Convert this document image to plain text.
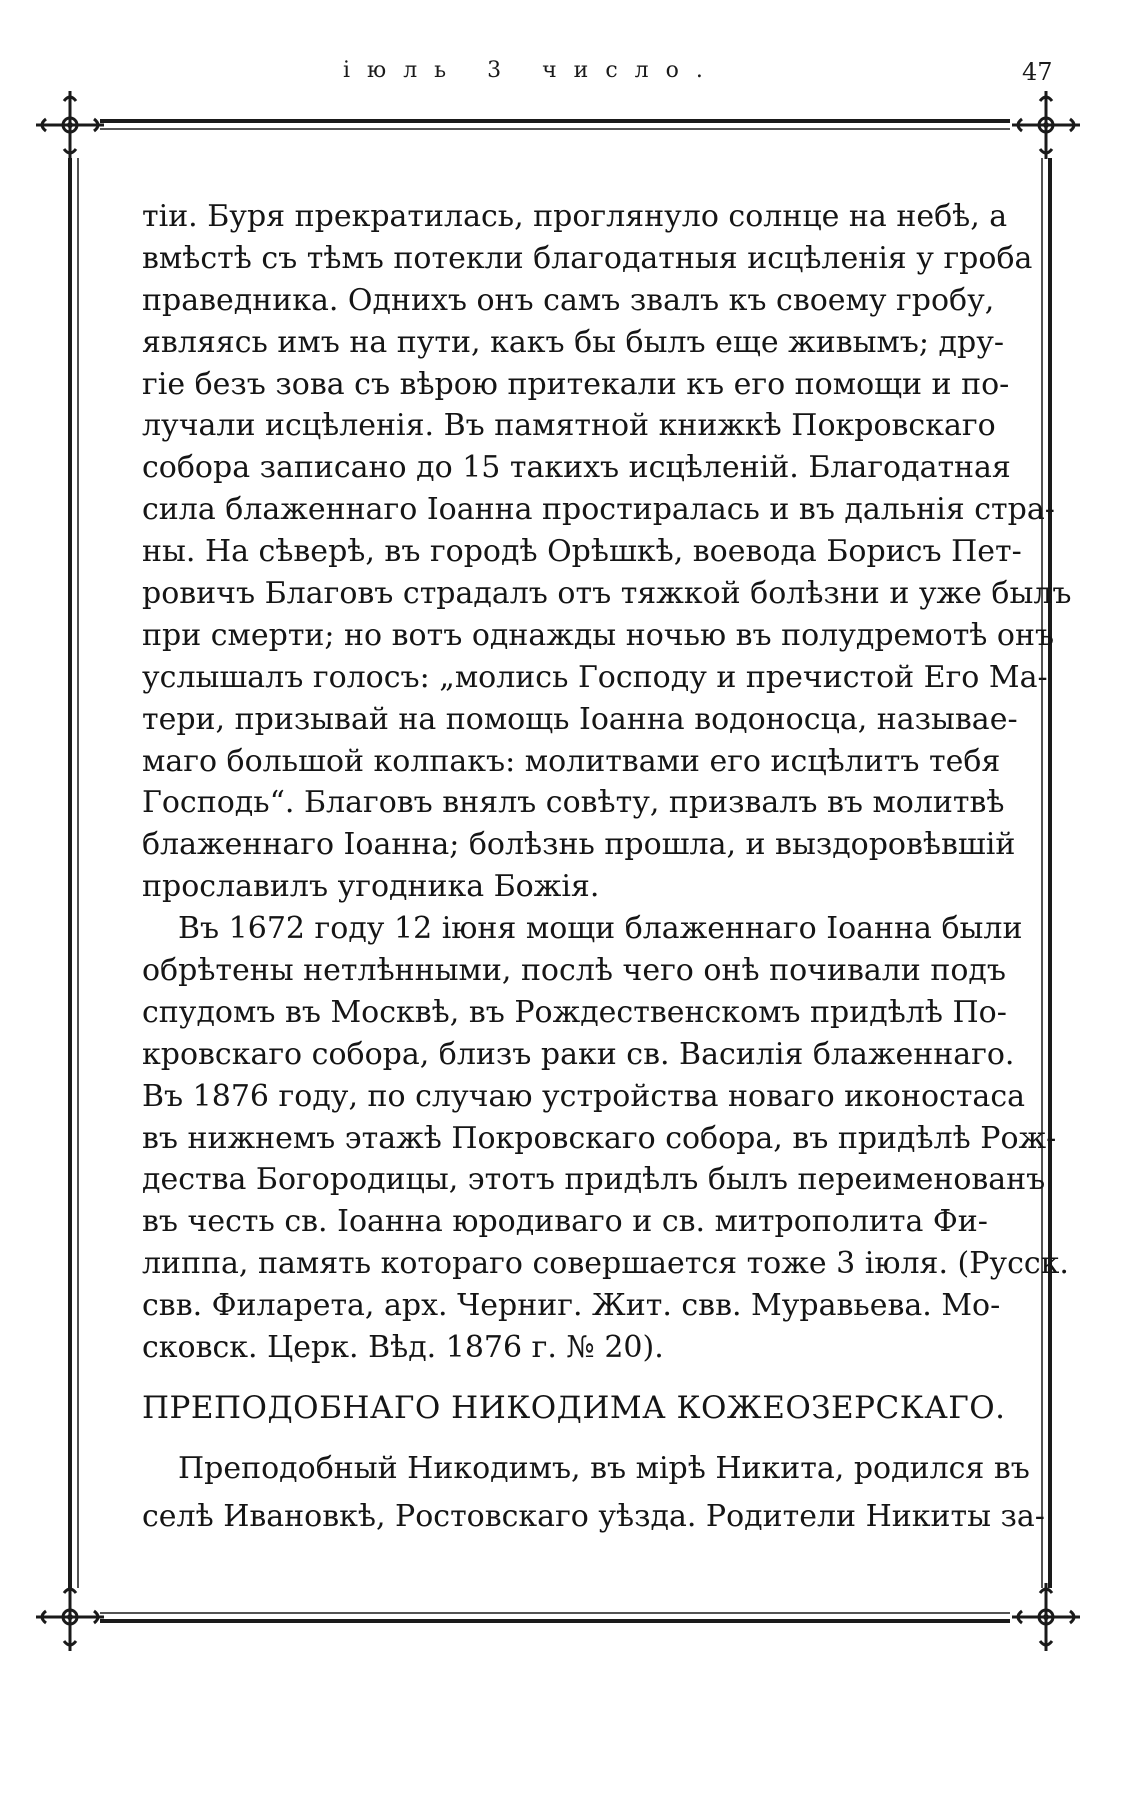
іюль 3 число.	47
тіи. Буря прекратилась, проглянуло солнце на небѣ, а
вмѣстѣ съ тѣмъ потекли благодатныя исцѣленія у гроба
праведника. Однихъ онъ самъ звалъ къ своему гробу,
являясь имъ на пути, какъ бы былъ еще живымъ; дру-
гіе безъ зова съ вѣрою притекали къ его помощи и по-
лучали исцѣленія. Въ памятной книжкѣ Покровскаго
собора записано до 15 такихъ исцѣленій. Благодатная
сила блаженнаго Іоанна простиралась и въ дальнія стра-
ны. На сѣверѣ, въ городѣ Орѣшкѣ, воевода Борисъ Пет-
ровичъ Благовъ страдалъ отъ тяжкой болѣзни и уже былъ
при смерти; но вотъ однажды ночью въ полудремотѣ онъ
услышалъ голосъ: „молись Господу и пречистой Его Ма-
тери, призывай на помощь Іоанна водоносца, называе-
маго большой колпакъ: молитвами его исцѣлитъ тебя
Господь“. Благовъ внялъ совѣту, призвалъ въ молитвѣ
блаженнаго Іоанна; болѣзнь прошла, и выздоровѣвшій
прославилъ угодника Божія.
Въ 1672 году 12 іюня мощи блаженнаго Іоанна были
обрѣтены нетлѣнными, послѣ чего онѣ почивали подъ
спудомъ въ Москвѣ, въ Рождественскомъ придѣлѣ По-
кровскаго собора, близъ раки св. Василія блаженнаго.
Въ 1876 году, по случаю устройства новаго иконостаса
въ нижнемъ этажѣ Покровскаго собора, въ придѣлѣ Рож-
дества Богородицы, этотъ придѣлъ былъ переименованъ
въ честь св. Іоанна юродиваго и св. митрополита Фи-
липпа, память котораго совершается тоже 3 іюля. (Русск.
свв. Филарета, арх. Черниг. Жит. свв. Муравьева. Мо-
сковск. Церк. Вѣд. 1876 г. № 20).
ПРЕПОДОБНАГО НИКОДИМА КОЖЕОЗЕРСКАГО.
Преподобный Никодимъ, въ мірѣ Никита, родился въ
селѣ Ивановкѣ, Ростовскаго уѣзда. Родители Никиты за-
